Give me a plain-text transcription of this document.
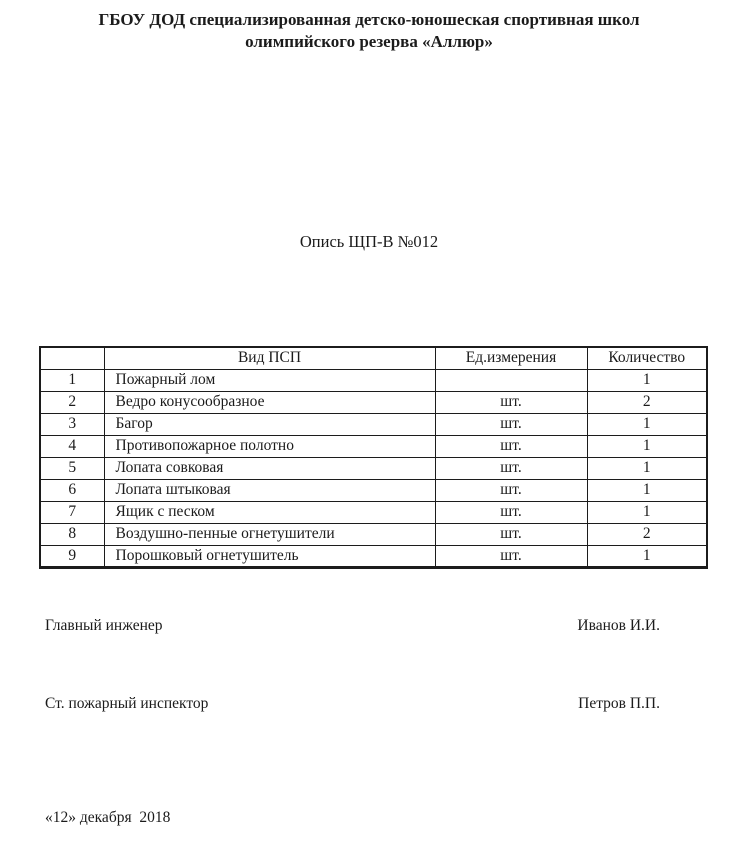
ГБОУ ДОД специализированная детско-юношеская спортивная школ
олимпийского резерва «Аллюр»
Опись ЩП-В №012
	Вид ПСП	Ед.измерения	Количество
1	Пожарный лом		1
2	Ведро конусообразное	шт.	2
3	Багор	шт.	1
4	Противопожарное полотно	шт.	1
5	Лопата совковая	шт.	1
6	Лопата штыковая	шт.	1
7	Ящик с песком	шт.	1
8	Воздушно-пенные огнетушители	шт.	2
9	Порошковый огнетушитель	шт.	1
Главный инженер	Иванов И.И.
Ст. пожарный инспектор	Петров П.П.
«12» декабря  2018
